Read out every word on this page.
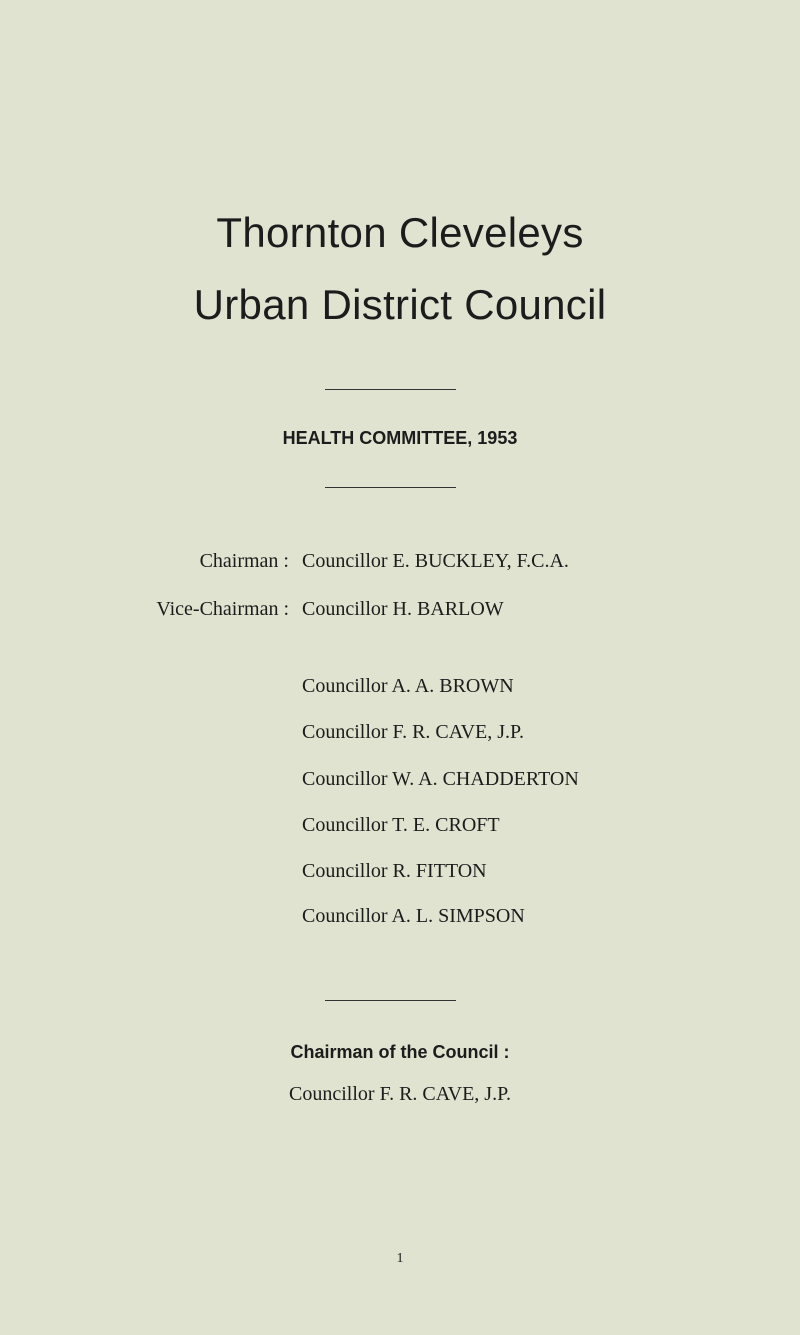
Thornton Cleveleys
Urban District Council
HEALTH COMMITTEE, 1953
Chairman : Councillor E. BUCKLEY, F.C.A.
Vice-Chairman : Councillor H. BARLOW
Councillor A. A. BROWN
Councillor F. R. CAVE, J.P.
Councillor W. A. CHADDERTON
Councillor T. E. CROFT
Councillor R. FITTON
Councillor A. L. SIMPSON
Chairman of the Council :
Councillor F. R. CAVE, J.P.
1
